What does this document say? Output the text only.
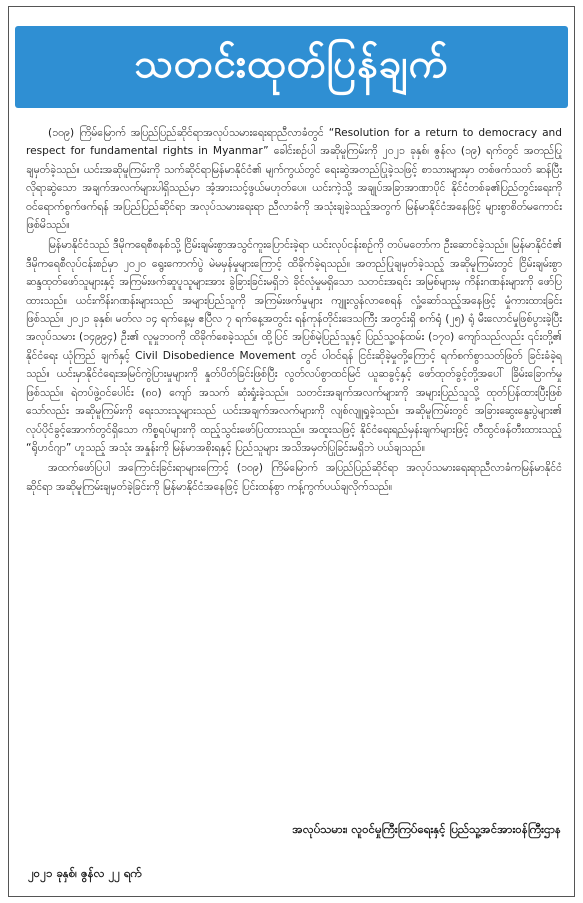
သတင်းထုတ်ပြန်ချက်

(၁၀၉) ကြိမ်မြောက် အပြည်ပြည်ဆိုင်ရာအလုပ်သမားရေးရာညီလာခံတွင် “Resolution for a return to democracy and respect for fundamental rights in Myanmar” ခေါင်းစဉ်ပါ အဆိုမူကြမ်းကို ၂၀၂၁ ခုနှစ်၊ ဇွန်လ (၁၉) ရက်တွင် အတည်ပြုချမှတ်ခဲ့သည်။ ယင်းအဆိုမူကြမ်းကို သက်ဆိုင်ရာမြန်မာနိုင်ငံ၏ မျက်ကွယ်တွင် ရေးဆွဲအတည်ပြုခဲ့သဖြင့် စာသားများမှာ တစ်ဖက်သတ် ဆန်ပြီး လိုရာဆွဲသော အချက်အလက်များပါရှိသည်မှာ အံ့အားသင့်ဖွယ်မဟုတ်ပေ။ ယင်းကဲ့သို့ အချုပ်အခြာအာဏာပိုင် နိုင်ငံတစ်ခု၏ပြည်တွင်းရေးကို ဝင်ရောက်စွက်ဖက်ရန် အပြည်ပြည်ဆိုင်ရာ အလုပ်သမားရေးရာ ညီလာခံကို အသုံးချခဲ့သည့်အတွက် မြန်မာနိုင်ငံအနေဖြင့် များစွာစိတ်မကောင်း ဖြစ်မိသည်။

မြန်မာနိုင်ငံသည် ဒီမိုကရေစီစနစ်သို့ ငြိမ်းချမ်းစွာအသွင်ကူးပြောင်းခဲ့ရာ ယင်းလုပ်ငန်းစဉ်ကို တပ်မတော်က ဦးဆောင်ခဲ့သည်။ မြန်မာနိုင်ငံ၏ ဒီမိုကရေစီလုပ်ငန်းစဉ်မှာ ၂၀၂၀ ရွေးကောက်ပွဲ မဲမမှန်မှုများကြောင့် ထိခိုက်ခဲ့ရသည်။ အတည်ပြုချမှတ်ခဲ့သည့် အဆိုမူကြမ်းတွင် ငြိမ်းချမ်းစွာ ဆန္ဒထုတ်ဖော်သူများနှင့် အကြမ်းဖက်ဆူပူသူများအား ခွဲခြားခြင်းမရှိဘဲ ခိုင်လုံမှုမရှိသော သတင်းအရင်း အမြစ်များမှ ကိန်းဂဏန်းများကို ဖော်ပြထားသည်။ ယင်းကိန်းဂဏန်းများသည် အများပြည်သူကို အကြမ်းဖက်မှုများ ကျူးလွန်လာစေရန် လှုံ့ဆော်သည့်အနေဖြင့် မှုံကားထားခြင်းဖြစ်သည်။ ၂၀၂၁ ခုနှစ်၊ မတ်လ ၁၄ ရက်နေ့မှ ဧပြီလ ၇ ရက်နေ့အတွင်း ရန်ကုန်တိုင်းဒေသကြီး အတွင်းရှိ စက်ရုံ (၂၅) ရုံ မီးလောင်မှုဖြစ်ပွားခဲ့ပြီး အလုပ်သမား (၁၄၉၉၄) ဦး၏ လူမှုဘဝကို ထိခိုက်စေခဲ့သည်။ ထို့ပြင် အပြစ်မဲ့ပြည်သူနှင့် ပြည်သူ့ဝန်ထမ်း (၁၇၀) ကျော်သည်လည်း ၎င်းတို့၏ နိုင်ငံရေး ယုံကြည် ချက်နှင့် Civil Disobedience Movement တွင် ပါဝင်ရန် ငြင်းဆိုခဲ့မှုတို့ကြောင့် ရက်စက်စွာသတ်ဖြတ် ခြင်းခံခဲ့ရသည်။ ယင်းမှာနိုင်ငံရေးအမြင်ကွဲပြားမှုများကို နှုတ်ပိတ်ခြင်းဖြစ်ပြီး လွတ်လပ်စွာထင်မြင် ယူဆခွင့်နှင့် ဖော်ထုတ်ခွင့်တို့အပေါ် ခြိမ်းခြောက်မှုဖြစ်သည်။ ရဲတပ်ဖွဲ့ဝင်ပေါင်း (၈၀) ကျော် အသက် ဆုံးရှုံးခဲ့သည်။ သတင်းအချက်အလက်များကို အများပြည်သူသို့ ထုတ်ပြန်ထားပြီးဖြစ်သော်လည်း အဆိုမူကြမ်းကို ရေးသားသူများသည် ယင်းအချက်အလက်များကို လျစ်လျူရှုခဲ့သည်။ အဆိုမူကြမ်းတွင် အခြားဆွေးနွေးပွဲများ၏ လုပ်ပိုင်ခွင့်အောက်တွင်ရှိသော ကိစ္စရပ်များကို ထည့်သွင်းဖော်ပြထားသည်။ အထူးသဖြင့် နိုင်ငံရေးရည်မှန်းချက်များဖြင့် တီထွင်ဖန်တီးထားသည့် “ရိုဟင်ဂျာ” ဟူသည့် အသုံး အနှုန်းကို မြန်မာအစိုးရနှင့် ပြည်သူများ အသိအမှတ်ပြုခြင်းမရှိဘဲ ပယ်ချသည်။

အထက်ဖော်ပြပါ အကြောင်းခြင်းရာများကြောင့် (၁၀၉) ကြိမ်မြောက် အပြည်ပြည်ဆိုင်ရာ အလုပ်သမားရေးရာညီလာခံကမြန်မာနိုင်ငံဆိုင်ရာ အဆိုမူကြမ်းချမှတ်ခဲ့ခြင်းကို မြန်မာနိုင်ငံအနေဖြင့် ပြင်းထန်စွာ ကန့်ကွက်ပယ်ချလိုက်သည်။

အလုပ်သမား၊ လူဝင်မှုကြီးကြပ်ရေးနှင့် ပြည်သူ့အင်အားဝန်ကြီးဌာန
၂၀၂၁ ခုနှစ်၊ ဇွန်လ ၂၂ ရက်
